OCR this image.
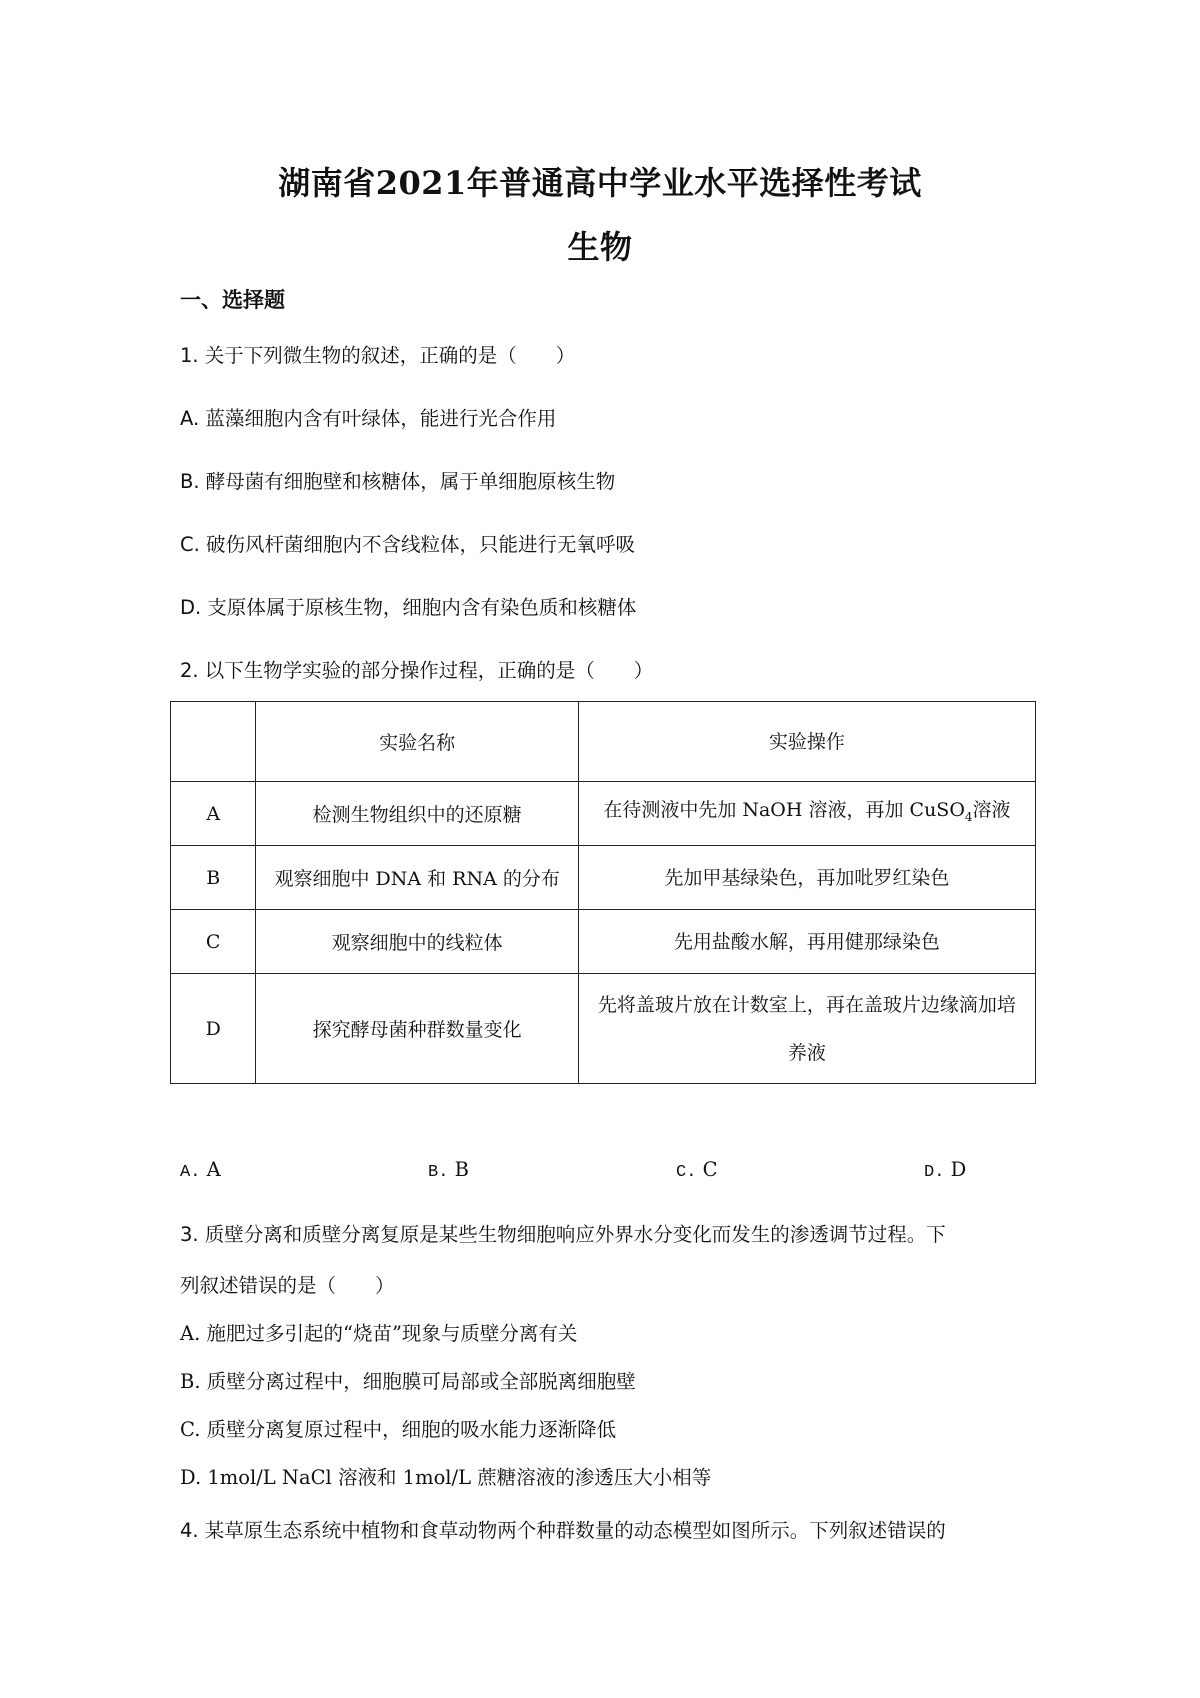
湖南省2021年普通高中学业水平选择性考试
生物
一、选择题
1. 关于下列微生物的叙述，正确的是（　　）
A. 蓝藻细胞内含有叶绿体，能进行光合作用
B. 酵母菌有细胞壁和核糖体，属于单细胞原核生物
C. 破伤风杆菌细胞内不含线粒体，只能进行无氧呼吸
D. 支原体属于原核生物，细胞内含有染色质和核糖体
2. 以下生物学实验的部分操作过程，正确的是（　　）
	实验名称	实验操作
A	检测生物组织中的还原糖	在待测液中先加 NaOH 溶液，再加 CuSO$_4$溶液
B	观察细胞中 DNA 和 RNA 的分布	先加甲基绿染色，再加吡罗红染色
C	观察细胞中的线粒体	先用盐酸水解，再用健那绿染色
D	探究酵母菌种群数量变化	先将盖玻片放在计数室上，再在盖玻片边缘滴加培养液
A. A	B. B	C. C	D. D
3. 质壁分离和质壁分离复原是某些生物细胞响应外界水分变化而发生的渗透调节过程。下
列叙述错误的是（　　）
A. 施肥过多引起的“烧苗”现象与质壁分离有关
B. 质壁分离过程中，细胞膜可局部或全部脱离细胞壁
C. 质壁分离复原过程中，细胞的吸水能力逐渐降低
D. 1mol/L NaCl 溶液和 1mol/L 蔗糖溶液的渗透压大小相等
4. 某草原生态系统中植物和食草动物两个种群数量的动态模型如图所示。下列叙述错误的
